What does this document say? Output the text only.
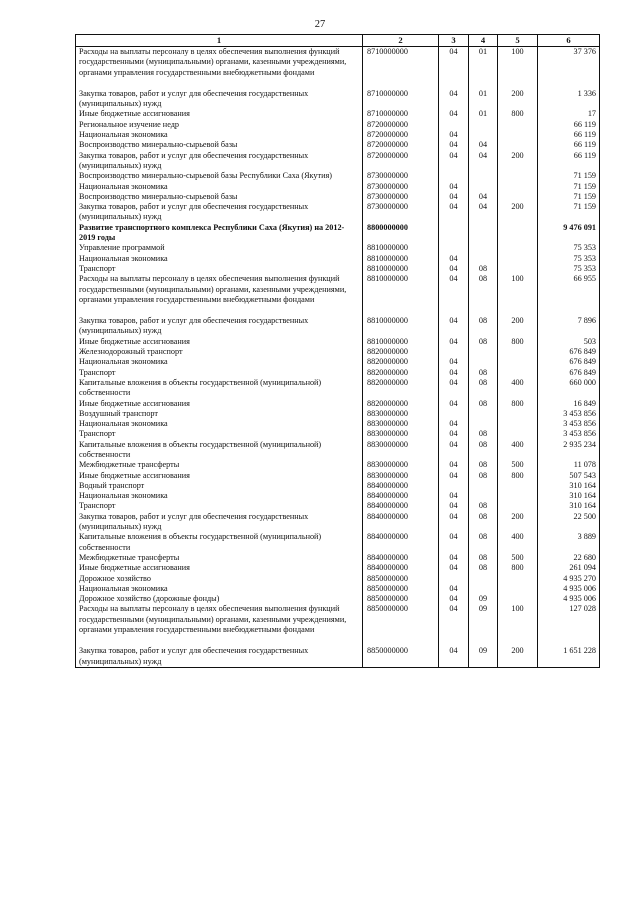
27
1	2	3	4	5	6
Расходы на выплаты персоналу в целях обеспечения выполнения функций государственными (муниципальными) органами, казенными учреждениями, органами управления государственными внебюджетными фондами	8710000000	04	01	100	37 376

Закупка товаров, работ и услуг для обеспечения государственных (муниципальных) нужд	8710000000	04	01	200	1 336
Иные бюджетные ассигнования	8710000000	04	01	800	17
Региональное изучение недр	8720000000				66 119
Национальная экономика	8720000000	04			66 119
Воспроизводство минерально-сырьевой базы	8720000000	04	04		66 119
Закупка товаров, работ и услуг для обеспечения государственных (муниципальных) нужд	8720000000	04	04	200	66 119
Воспроизводство минерально-сырьевой базы Республики Саха (Якутия)	8730000000				71 159
Национальная экономика	8730000000	04			71 159
Воспроизводство минерально-сырьевой базы	8730000000	04	04		71 159
Закупка товаров, работ и услуг для обеспечения государственных (муниципальных) нужд	8730000000	04	04	200	71 159
Развитие транспортного комплекса Республики Саха (Якутия) на 2012-2019 годы	8800000000				9 476 091
Управление программой	8810000000				75 353
Национальная экономика	8810000000	04			75 353
Транспорт	8810000000	04	08		75 353
Расходы на выплаты персоналу в целях обеспечения выполнения функций государственными (муниципальными) органами, казенными учреждениями, органами управления государственными внебюджетными фондами	8810000000	04	08	100	66 955

Закупка товаров, работ и услуг для обеспечения государственных (муниципальных) нужд	8810000000	04	08	200	7 896
Иные бюджетные ассигнования	8810000000	04	08	800	503
Железнодорожный транспорт	8820000000				676 849
Национальная экономика	8820000000	04			676 849
Транспорт	8820000000	04	08		676 849
Капитальные вложения в объекты государственной (муниципальной) собственности	8820000000	04	08	400	660 000
Иные бюджетные ассигнования	8820000000	04	08	800	16 849
Воздушный транспорт	8830000000				3 453 856
Национальная экономика	8830000000	04			3 453 856
Транспорт	8830000000	04	08		3 453 856
Капитальные вложения в объекты государственной (муниципальной) собственности	8830000000	04	08	400	2 935 234
Межбюджетные трансферты	8830000000	04	08	500	11 078
Иные бюджетные ассигнования	8830000000	04	08	800	507 543
Водный транспорт	8840000000				310 164
Национальная экономика	8840000000	04			310 164
Транспорт	8840000000	04	08		310 164
Закупка товаров, работ и услуг для обеспечения государственных (муниципальных) нужд	8840000000	04	08	200	22 500
Капитальные вложения в объекты государственной (муниципальной) собственности	8840000000	04	08	400	3 889
Межбюджетные трансферты	8840000000	04	08	500	22 680
Иные бюджетные ассигнования	8840000000	04	08	800	261 094
Дорожное хозяйство	8850000000				4 935 270
Национальная экономика	8850000000	04			4 935 006
Дорожное хозяйство (дорожные фонды)	8850000000	04	09		4 935 006
Расходы на выплаты персоналу в целях обеспечения выполнения функций государственными (муниципальными) органами, казенными учреждениями, органами управления государственными внебюджетными фондами	8850000000	04	09	100	127 028

Закупка товаров, работ и услуг для обеспечения государственных (муниципальных) нужд	8850000000	04	09	200	1 651 228
